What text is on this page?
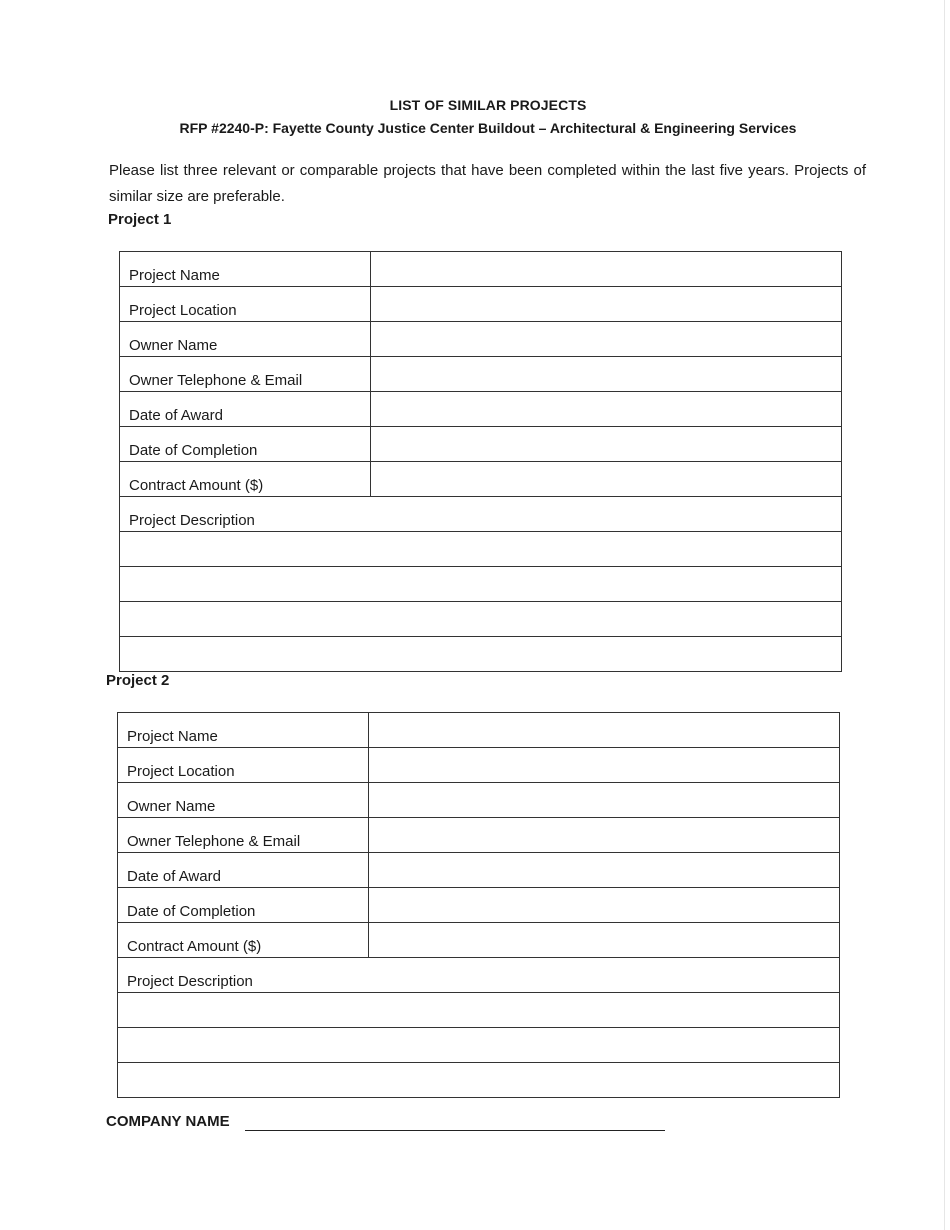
LIST OF SIMILAR PROJECTS
RFP #2240-P: Fayette County Justice Center Buildout – Architectural & Engineering Services
Please list three relevant or comparable projects that have been completed within the last five years. Projects of similar size are preferable.
Project 1
Project Name	
Project Location	
Owner Name	
Owner Telephone & Email	
Date of Award	
Date of Completion	
Contract Amount ($)	
Project Description	

Project 2
Project Name	
Project Location	
Owner Name	
Owner Telephone & Email	
Date of Award	
Date of Completion	
Contract Amount ($)	
Project Description	

COMPANY NAME
